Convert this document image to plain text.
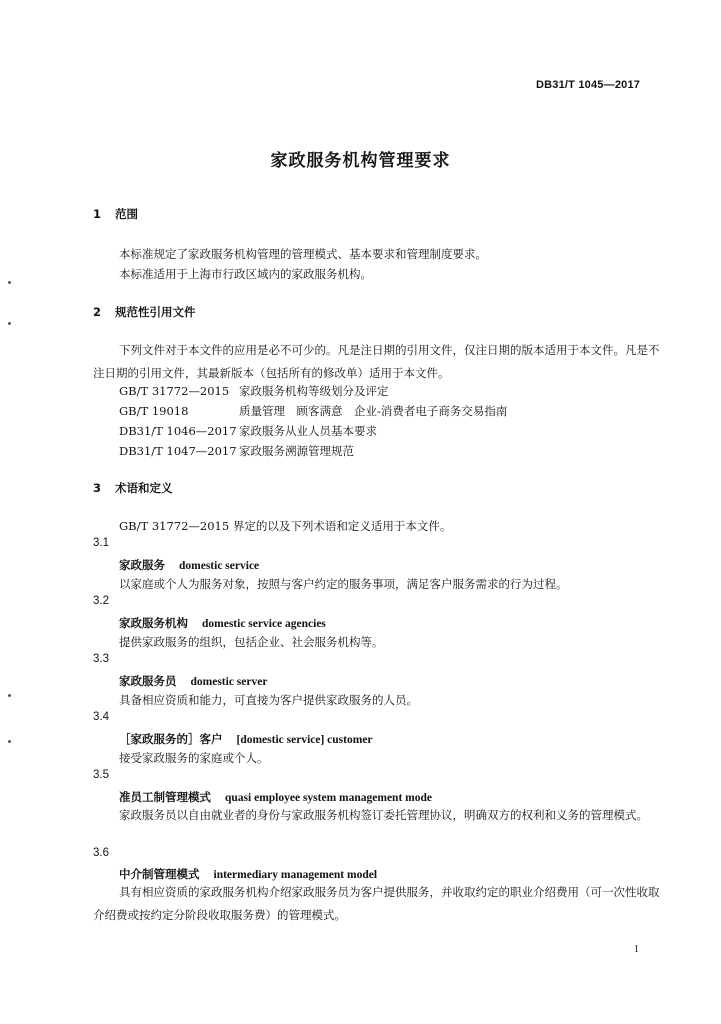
DB31/T 1045—2017
家政服务机构管理要求
1 范围
本标准规定了家政服务机构管理的管理模式、基本要求和管理制度要求。
本标准适用于上海市行政区域内的家政服务机构。
2 规范性引用文件
下列文件对于本文件的应用是必不可少的。凡是注日期的引用文件，仅注日期的版本适用于本文件。凡是不注日期的引用文件，其最新版本（包括所有的修改单）适用于本文件。
GB/T 31772—2015 家政服务机构等级划分及评定
GB/T 19018	质量管理　顾客满意　企业-消费者电子商务交易指南
DB31/T 1046—2017 家政服务从业人员基本要求
DB31/T 1047—2017 家政服务溯源管理规范
3 术语和定义
GB/T 31772—2015 界定的以及下列术语和定义适用于本文件。
3.1
家政服务 domestic service
以家庭或个人为服务对象，按照与客户约定的服务事项，满足客户服务需求的行为过程。
3.2
家政服务机构 domestic service agencies
提供家政服务的组织，包括企业、社会服务机构等。
3.3
家政服务员 domestic server
具备相应资质和能力，可直接为客户提供家政服务的人员。
3.4
［家政服务的］客户 [domestic service] customer
接受家政服务的家庭或个人。
3.5
准员工制管理模式 quasi employee system management mode
家政服务员以自由就业者的身份与家政服务机构签订委托管理协议，明确双方的权利和义务的管理模式。
3.6
中介制管理模式 intermediary management model
具有相应资质的家政服务机构介绍家政服务员为客户提供服务，并收取约定的职业介绍费用（可一次性收取介绍费或按约定分阶段收取服务费）的管理模式。
1
